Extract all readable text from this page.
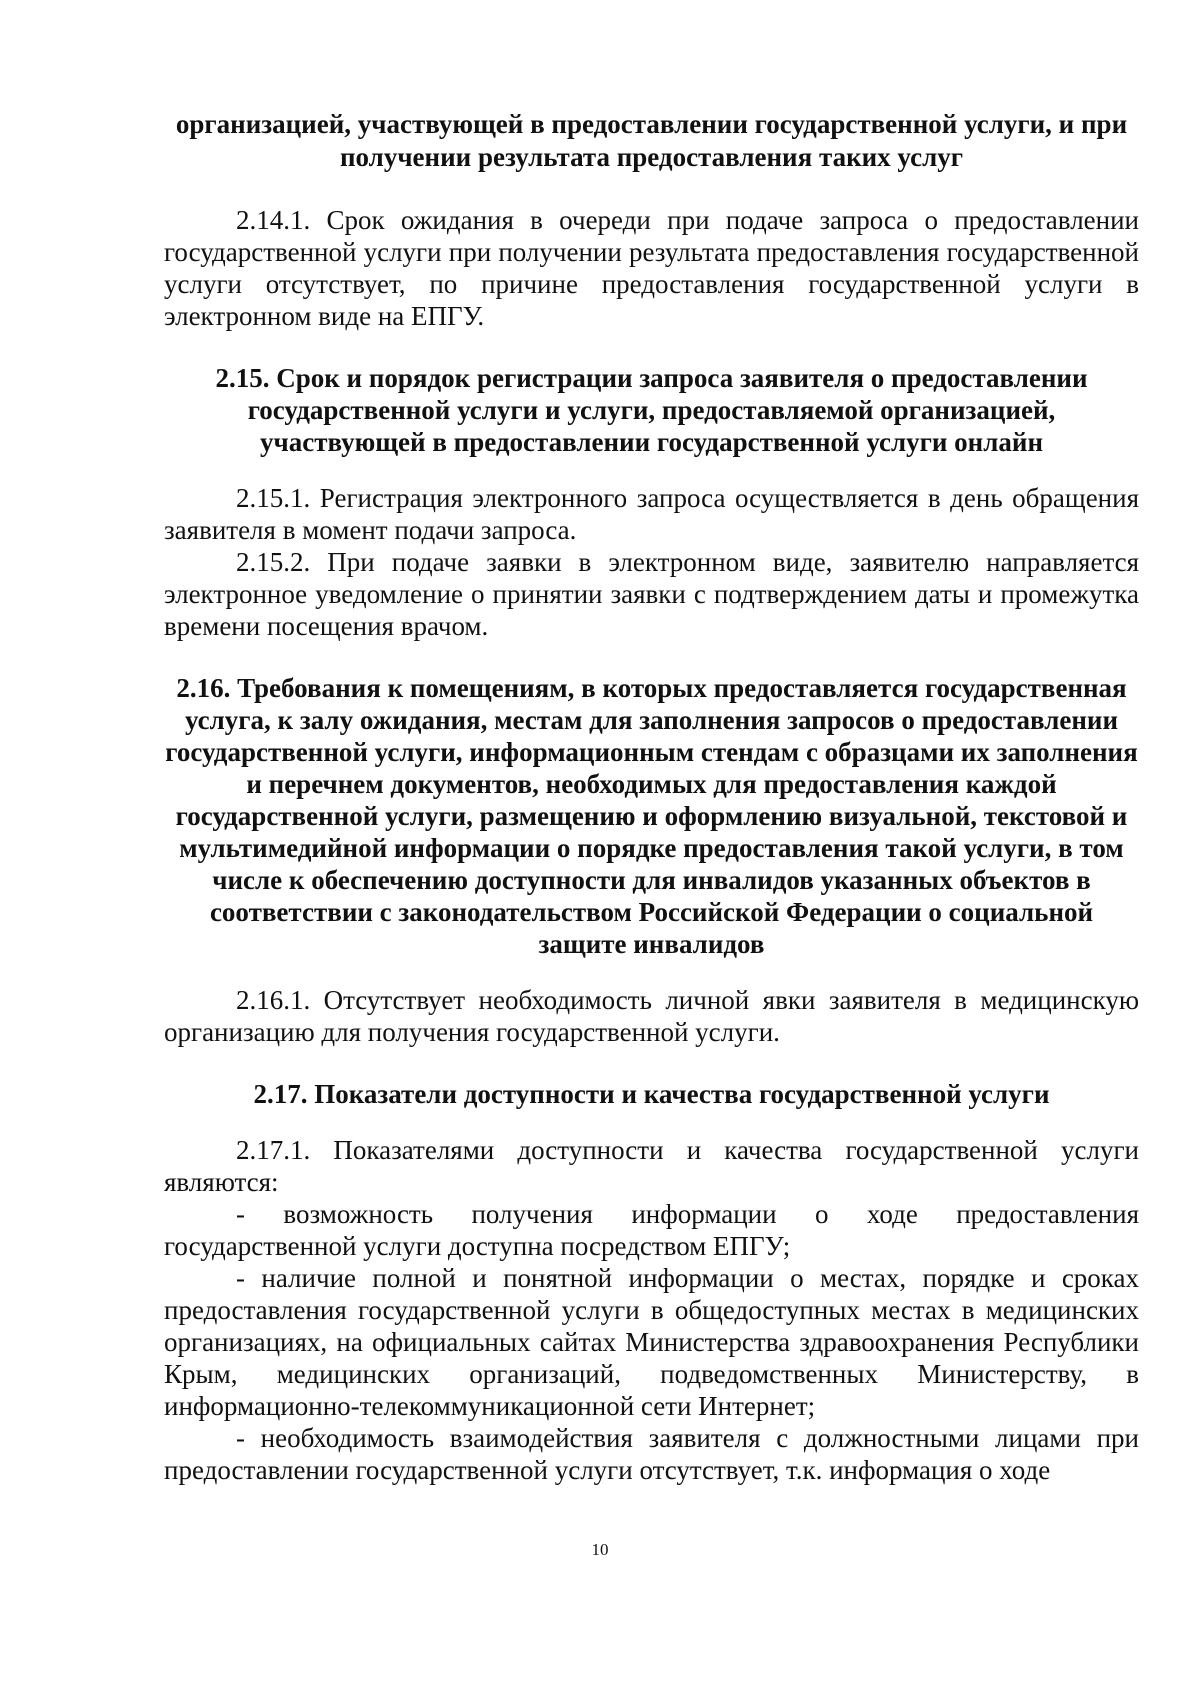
организацией, участвующей в предоставлении государственной услуги, и при получении результата предоставления таких услуг

2.14.1. Срок ожидания в очереди при подаче запроса о предоставлении государственной услуги при получении результата предоставления государственной услуги отсутствует, по причине предоставления государственной услуги в электронном виде на ЕПГУ.

2.15. Срок и порядок регистрации запроса заявителя о предоставлении государственной услуги и услуги, предоставляемой организацией, участвующей в предоставлении государственной услуги онлайн

2.15.1. Регистрация электронного запроса осуществляется в день обращения заявителя в момент подачи запроса.

2.15.2. При подаче заявки в электронном виде, заявителю направляется электронное уведомление о принятии заявки с подтверждением даты и промежутка времени посещения врачом.

2.16. Требования к помещениям, в которых предоставляется государственная услуга, к залу ожидания, местам для заполнения запросов о предоставлении государственной услуги, информационным стендам с образцами их заполнения и перечнем документов, необходимых для предоставления каждой государственной услуги, размещению и оформлению визуальной, текстовой и мультимедийной информации о порядке предоставления такой услуги, в том числе к обеспечению доступности для инвалидов указанных объектов в соответствии с законодательством Российской Федерации о социальной защите инвалидов

2.16.1. Отсутствует необходимость личной явки заявителя в медицинскую организацию для получения государственной услуги.

2.17. Показатели доступности и качества государственной услуги

2.17.1. Показателями доступности и качества государственной услуги являются:

- возможность получения информации о ходе предоставления государственной услуги доступна посредством ЕПГУ;

- наличие полной и понятной информации о местах, порядке и сроках предоставления государственной услуги в общедоступных местах в медицинских организациях, на официальных сайтах Министерства здравоохранения Республики Крым, медицинских организаций, подведомственных Министерству, в информационно-телекоммуникационной сети Интернет;

- необходимость взаимодействия заявителя с должностными лицами при предоставлении государственной услуги отсутствует, т.к. информация о ходе

10
